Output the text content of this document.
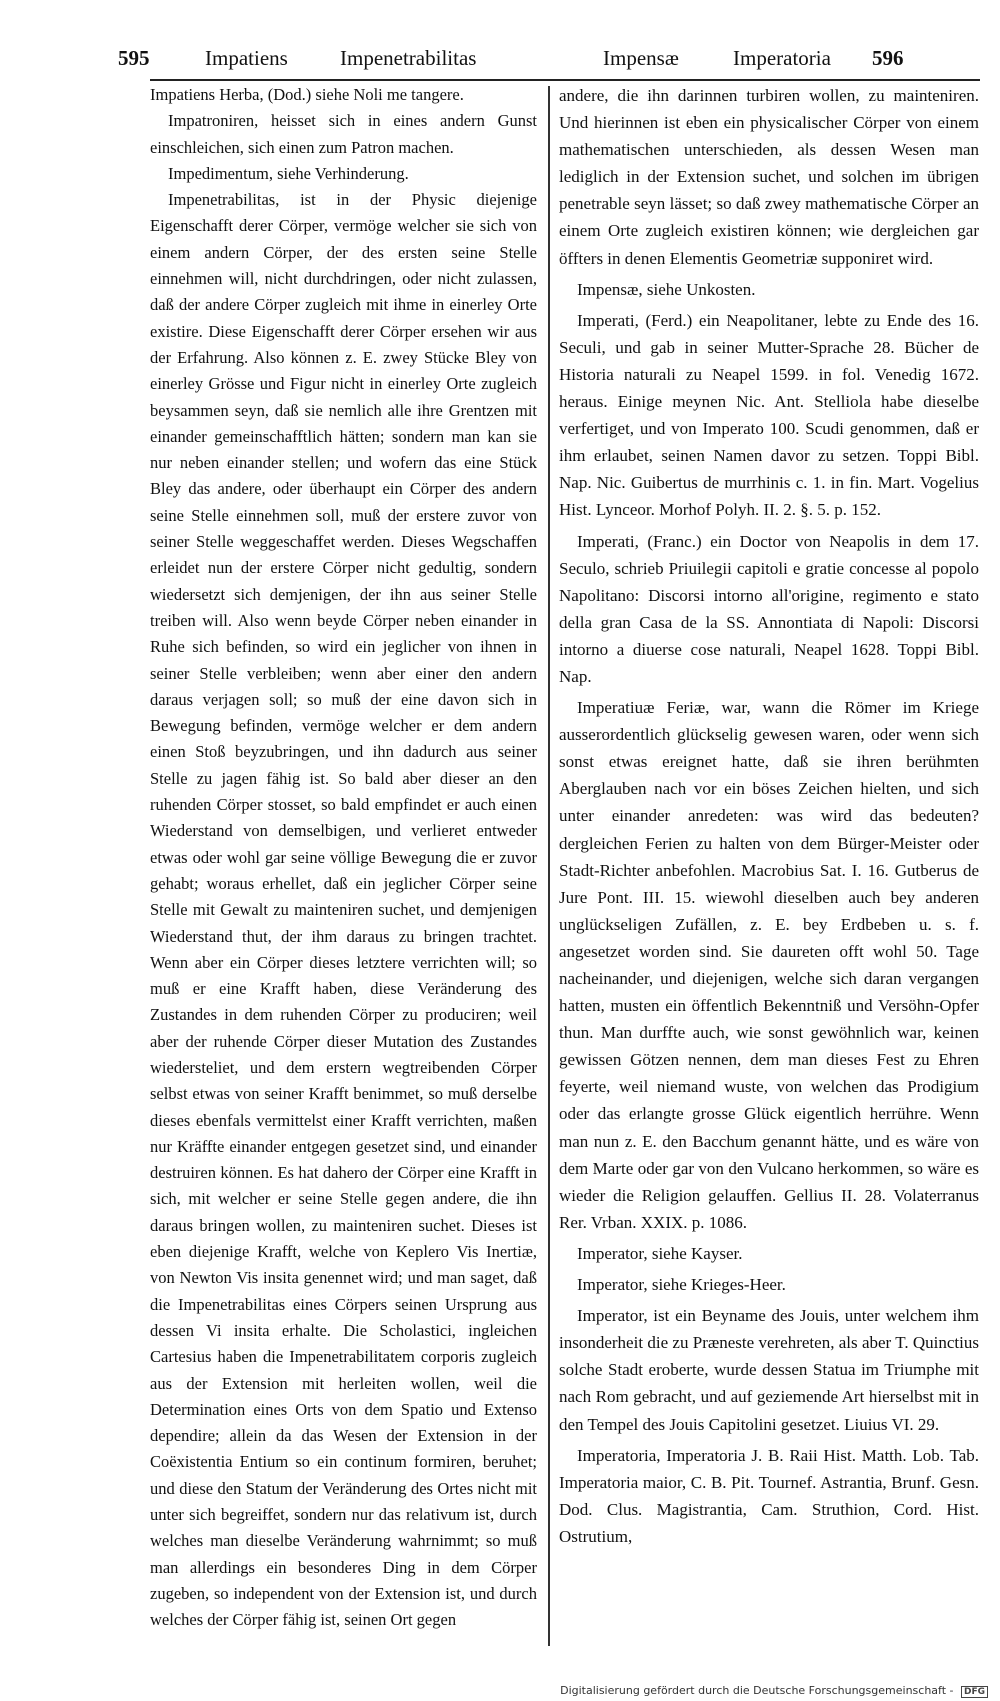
595	Impatiens Impenetrabilitas	Impensæ	Imperatoria 596

Impatiens Herba, (Dod.) siehe Noli me tangere.

Impatroniren, heisset sich in eines andern Gunst einschleichen, sich einen zum Patron machen.

Impedimentum, siehe Verhinderung.

Impenetrabilitas, ist in der Physic diejenige Eigenschafft derer Cörper, vermöge welcher sie sich von einem andern Cörper, der des ersten seine Stelle einnehmen will, nicht durchdringen, oder nicht zulassen, daß der andere Cörper zugleich mit ihme in einerley Orte existire. Diese Eigenschafft derer Cörper ersehen wir aus der Erfahrung. Also können z. E. zwey Stücke Bley von einerley Grösse und Figur nicht in einerley Orte zugleich beysammen seyn, daß sie nemlich alle ihre Grentzen mit einander gemeinschafftlich hätten; sondern man kan sie nur neben einander stellen; und wofern das eine Stück Bley das andere, oder überhaupt ein Cörper des andern seine Stelle einnehmen soll, muß der erstere zuvor von seiner Stelle weggeschaffet werden. Dieses Wegschaffen erleidet nun der erstere Cörper nicht gedultig, sondern wiedersetzt sich demjenigen, der ihn aus seiner Stelle treiben will. Also wenn beyde Cörper neben einander in Ruhe sich befinden, so wird ein jeglicher von ihnen in seiner Stelle verbleiben; wenn aber einer den andern daraus verjagen soll; so muß der eine davon sich in Bewegung befinden, vermöge welcher er dem andern einen Stoß beyzubringen, und ihn dadurch aus seiner Stelle zu jagen fähig ist. So bald aber dieser an den ruhenden Cörper stosset, so bald empfindet er auch einen Wiederstand von demselbigen, und verlieret entweder etwas oder wohl gar seine völlige Bewegung die er zuvor gehabt; woraus erhellet, daß ein jeglicher Cörper seine Stelle mit Gewalt zu mainteniren suchet, und demjenigen Wiederstand thut, der ihm daraus zu bringen trachtet. Wenn aber ein Cörper dieses letztere verrichten will; so muß er eine Krafft haben, diese Veränderung des Zustandes in dem ruhenden Cörper zu produciren; weil aber der ruhende Cörper dieser Mutation des Zustandes wiedersteliet, und dem erstern wegtreibenden Cörper selbst etwas von seiner Krafft benimmet, so muß derselbe dieses ebenfals vermittelst einer Krafft verrichten, maßen nur Kräffte einander entgegen gesetzet sind, und einander destruiren können. Es hat dahero der Cörper eine Krafft in sich, mit welcher er seine Stelle gegen andere, die ihn daraus bringen wollen, zu mainteniren suchet. Dieses ist eben diejenige Krafft, welche von Keplero Vis Inertiæ, von Newton Vis insita genennet wird; und man saget, daß die Impenetrabilitas eines Cörpers seinen Ursprung aus dessen Vi insita erhalte. Die Scholastici, ingleichen Cartesius haben die Impenetrabilitatem corporis zugleich aus der Extension mit herleiten wollen, weil die Determination eines Orts von dem Spatio und Extenso dependire; allein da das Wesen der Extension in der Coëxistentia Entium so ein continum formiren, beruhet; und diese den Statum der Veränderung des Ortes nicht mit unter sich begreiffet, sondern nur das relativum ist, durch welches man dieselbe Veränderung wahrnimmt; so muß man allerdings ein besonderes Ding in dem Cörper zugeben, so independent von der Extension ist, und durch welches der Cörper fähig ist, seinen Ort gegen

andere, die ihn darinnen turbiren wollen, zu mainteniren. Und hierinnen ist eben ein physicalischer Cörper von einem mathematischen unterschieden, als dessen Wesen man lediglich in der Extension suchet, und solchen im übrigen penetrable seyn lässet; so daß zwey mathematische Cörper an einem Orte zugleich existiren können; wie dergleichen gar öffters in denen Elementis Geometriæ supponiret wird.

Impensæ, siehe Unkosten.

Imperati, (Ferd.) ein Neapolitaner, lebte zu Ende des 16. Seculi, und gab in seiner Mutter-Sprache 28. Bücher de Historia naturali zu Neapel 1599. in fol. Venedig 1672. heraus. Einige meynen Nic. Ant. Stelliola habe dieselbe verfertiget, und von Imperato 100. Scudi genommen, daß er ihm erlaubet, seinen Namen davor zu setzen. Toppi Bibl. Nap. Nic. Guibertus de murrhinis c. 1. in fin. Mart. Vogelius Hist. Lynceor. Morhof Polyh. II. 2. §. 5. p. 152.

Imperati, (Franc.) ein Doctor von Neapolis in dem 17. Seculo, schrieb Priuilegii capitoli e gratie concesse al popolo Napolitano: Discorsi intorno all'origine, regimento e stato della gran Casa de la SS. Annontiata di Napoli: Discorsi intorno a diuerse cose naturali, Neapel 1628. Toppi Bibl. Nap.

Imperatiuæ Feriæ, war, wann die Römer im Kriege ausserordentlich glückselig gewesen waren, oder wenn sich sonst etwas ereignet hatte, daß sie ihren berühmten Aberglauben nach vor ein böses Zeichen hielten, und sich unter einander anredeten: was wird das bedeuten? dergleichen Ferien zu halten von dem Bürger-Meister oder Stadt-Richter anbefohlen. Macrobius Sat. I. 16. Gutberus de Jure Pont. III. 15. wiewohl dieselben auch bey anderen unglückseligen Zufällen, z. E. bey Erdbeben u. s. f. angesetzet worden sind. Sie daureten offt wohl 50. Tage nacheinander, und diejenigen, welche sich daran vergangen hatten, musten ein öffentlich Bekenntniß und Versöhn-Opfer thun. Man durffte auch, wie sonst gewöhnlich war, keinen gewissen Götzen nennen, dem man dieses Fest zu Ehren feyerte, weil niemand wuste, von welchen das Prodigium oder das erlangte grosse Glück eigentlich herrühre. Wenn man nun z. E. den Bacchum genannt hätte, und es wäre von dem Marte oder gar von den Vulcano herkommen, so wäre es wieder die Religion gelauffen. Gellius II. 28. Volaterranus Rer. Vrban. XXIX. p. 1086.

Imperator, siehe Kayser.

Imperator, siehe Krieges-Heer.

Imperator, ist ein Beyname des Jouis, unter welchem ihm insonderheit die zu Præneste verehreten, als aber T. Quinctius solche Stadt eroberte, wurde dessen Statua im Triumphe mit nach Rom gebracht, und auf geziemende Art hierselbst mit in den Tempel des Jouis Capitolini gesetzet. Liuius VI. 29.

Imperatoria, Imperatoria J. B. Raii Hist. Matth. Lob. Tab. Imperatoria maior, C. B. Pit. Tournef. Astrantia, Brunf. Gesn. Dod. Clus. Magistrantia, Cam. Struthion, Cord. Hist. Ostrutium,

Digitalisierung gefördert durch die Deutsche Forschungsgemeinschaft - DFG
